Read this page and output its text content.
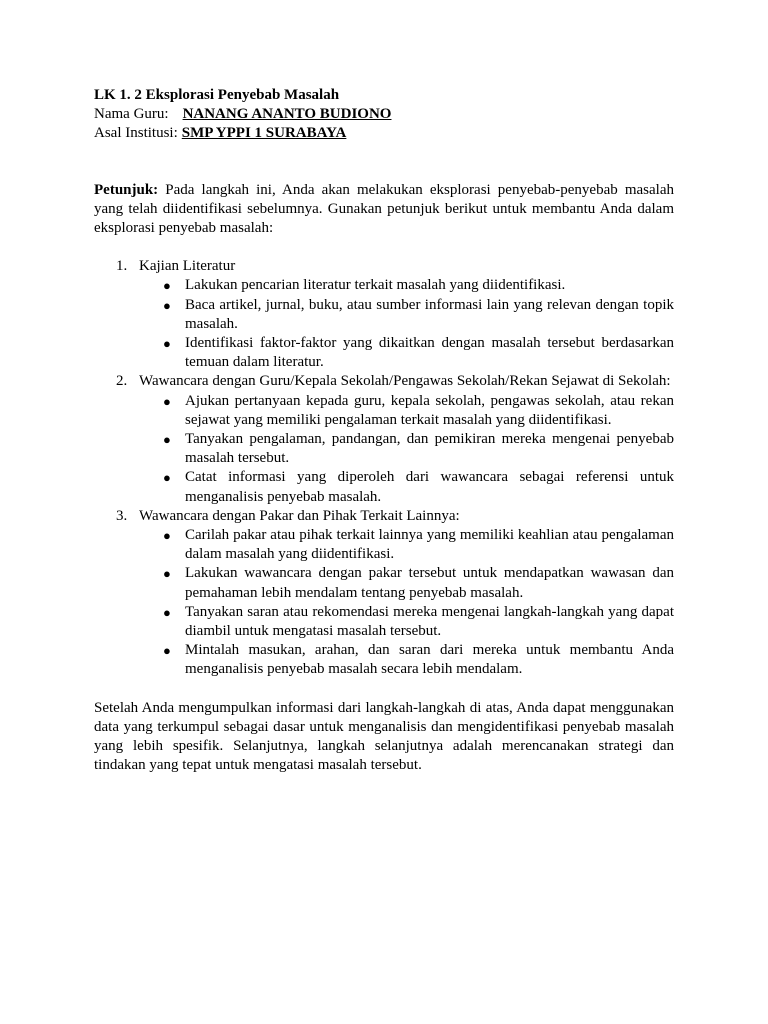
LK 1. 2 Eksplorasi Penyebab Masalah
Nama Guru: NANANG ANANTO BUDIONO
Asal Institusi: SMP YPPI 1 SURABAYA

Petunjuk: Pada langkah ini, Anda akan melakukan eksplorasi penyebab-penyebab masalah yang telah diidentifikasi sebelumnya. Gunakan petunjuk berikut untuk membantu Anda dalam eksplorasi penyebab masalah:

1. Kajian Literatur
● Lakukan pencarian literatur terkait masalah yang diidentifikasi.
● Baca artikel, jurnal, buku, atau sumber informasi lain yang relevan dengan topik masalah.
● Identifikasi faktor-faktor yang dikaitkan dengan masalah tersebut berdasarkan temuan dalam literatur.
2. Wawancara dengan Guru/Kepala Sekolah/Pengawas Sekolah/Rekan Sejawat di Sekolah:
● Ajukan pertanyaan kepada guru, kepala sekolah, pengawas sekolah, atau rekan sejawat yang memiliki pengalaman terkait masalah yang diidentifikasi.
● Tanyakan pengalaman, pandangan, dan pemikiran mereka mengenai penyebab masalah tersebut.
● Catat informasi yang diperoleh dari wawancara sebagai referensi untuk menganalisis penyebab masalah.
3. Wawancara dengan Pakar dan Pihak Terkait Lainnya:
● Carilah pakar atau pihak terkait lainnya yang memiliki keahlian atau pengalaman dalam masalah yang diidentifikasi.
● Lakukan wawancara dengan pakar tersebut untuk mendapatkan wawasan dan pemahaman lebih mendalam tentang penyebab masalah.
● Tanyakan saran atau rekomendasi mereka mengenai langkah-langkah yang dapat diambil untuk mengatasi masalah tersebut.
● Mintalah masukan, arahan, dan saran dari mereka untuk membantu Anda menganalisis penyebab masalah secara lebih mendalam.

Setelah Anda mengumpulkan informasi dari langkah-langkah di atas, Anda dapat menggunakan data yang terkumpul sebagai dasar untuk menganalisis dan mengidentifikasi penyebab masalah yang lebih spesifik. Selanjutnya, langkah selanjutnya adalah merencanakan strategi dan tindakan yang tepat untuk mengatasi masalah tersebut.
